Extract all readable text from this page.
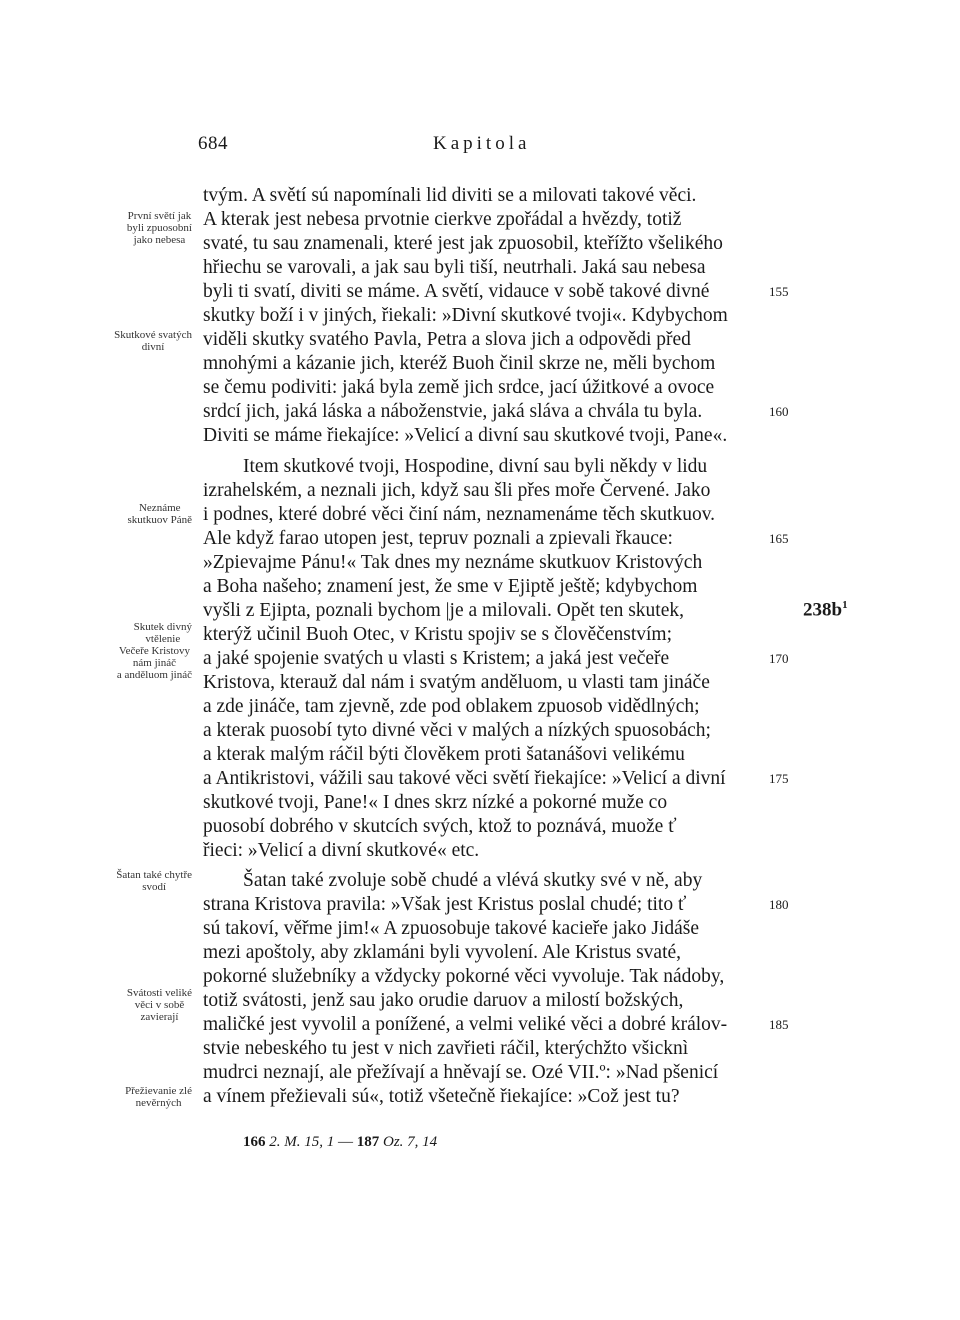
684	Kapitola
tvým. A světí sú napomínali lid diviti se a milovati takové věci.
A kterak jest nebesa prvotnie cierkve zpořádal a hvězdy, totiž
svaté, tu sau znamenali, které jest jak zpuosobil, kteřížto všelikého
hřiechu se varovali, a jak sau byli tiší, neutrhali. Jaká sau nebesa
byli ti svatí, diviti se máme. A světí, vidauce v sobě takové divné
skutky boží i v jiných, řiekali: »Divní skutkové tvoji«. Kdybychom
viděli skutky svatého Pavla, Petra a slova jich a odpovědi před
mnohými a kázanie jich, kteréž Buoh činil skrze ne, měli bychom
se čemu podiviti: jaká byla země jich srdce, jací úžitkové a ovoce
srdcí jich, jaká láska a náboženstvie, jaká sláva a chvála tu byla.
Diviti se máme řiekajíce: »Velicí a divní sau skutkové tvoji, Pane«.
Item skutkové tvoji, Hospodine, divní sau byli někdy v lidu
izrahelském, a neznali jich, když sau šli přes moře Červené. Jako
i podnes, které dobré věci činí nám, neznamenáme těch skutkuov.
Ale když farao utopen jest, tepruv poznali a zpievali řkauce:
»Zpievajme Pánu!« Tak dnes my neznáme skutkuov Kristových
a Boha našeho; znamení jest, že sme v Ejiptě ještě; kdybychom
vyšli z Ejipta, poznali bychom |je a milovali. Opět ten skutek,
kterýž učinil Buoh Otec, v Kristu spojiv se s člověčenstvím;
a jaké spojenie svatých u vlasti s Kristem; a jaká jest večeře
Kristova, kterauž dal nám i svatým anděluom, u vlasti tam jináče
a zde jináče, tam zjevně, zde pod oblakem zpuosob vidědlných;
a kterak puosobí tyto divné věci v malých a nízkých spuosobách;
a kterak malým ráčil býti člověkem proti šatanášovi velikému
a Antikristovi, vážili sau takové věci světí řiekajíce: »Velicí a divní
skutkové tvoji, Pane!« I dnes skrz nízké a pokorné muže co
puosobí dobrého v skutcích svých, ktož to poznává, muože ť
řieci: »Velicí a divní skutkové« etc.
Šatan také zvoluje sobě chudé a vlévá skutky své v ně, aby
strana Kristova pravila: »Však jest Kristus poslal chudé; tito ť
sú takoví, věřme jim!« A zpuosobuje takové kacieře jako Jidáše
mezi apoštoly, aby zklamáni byli vyvolení. Ale Kristus svaté,
pokorné služebníky a vždycky pokorné věci vyvoluje. Tak nádoby,
totiž svátosti, jenž sau jako orudie daruov a milostí božských,
maličké jest vyvolil a ponížené, a velmi veliké věci a dobré králov-
stvie nebeského tu jest v nich zavřieti ráčil, kterýchžto všicknì
mudrci neznají, ale přežívají a hněvají se. Ozé VII.º: »Nad pšenicí
a vínem přežievali sú«, totiž všetečně řiekajíce: »Což jest tu?
155
160
165
170
175
180
185
$238b^1$
První světí jak
byli zpuosobní
jako nebesa
Skutkové svatých
divní
Neznáme
skutkuov Páně
Skutek divný
vtělenie
Večeře Kristovy
nám jináč
a anděluom jináč
Šatan také chytře
svodí
Svátosti veliké
věci v sobě
zavierají
Přežievanie zlé
nevěrných
166 2. M. 15, 1 — 187 Oz. 7, 14
